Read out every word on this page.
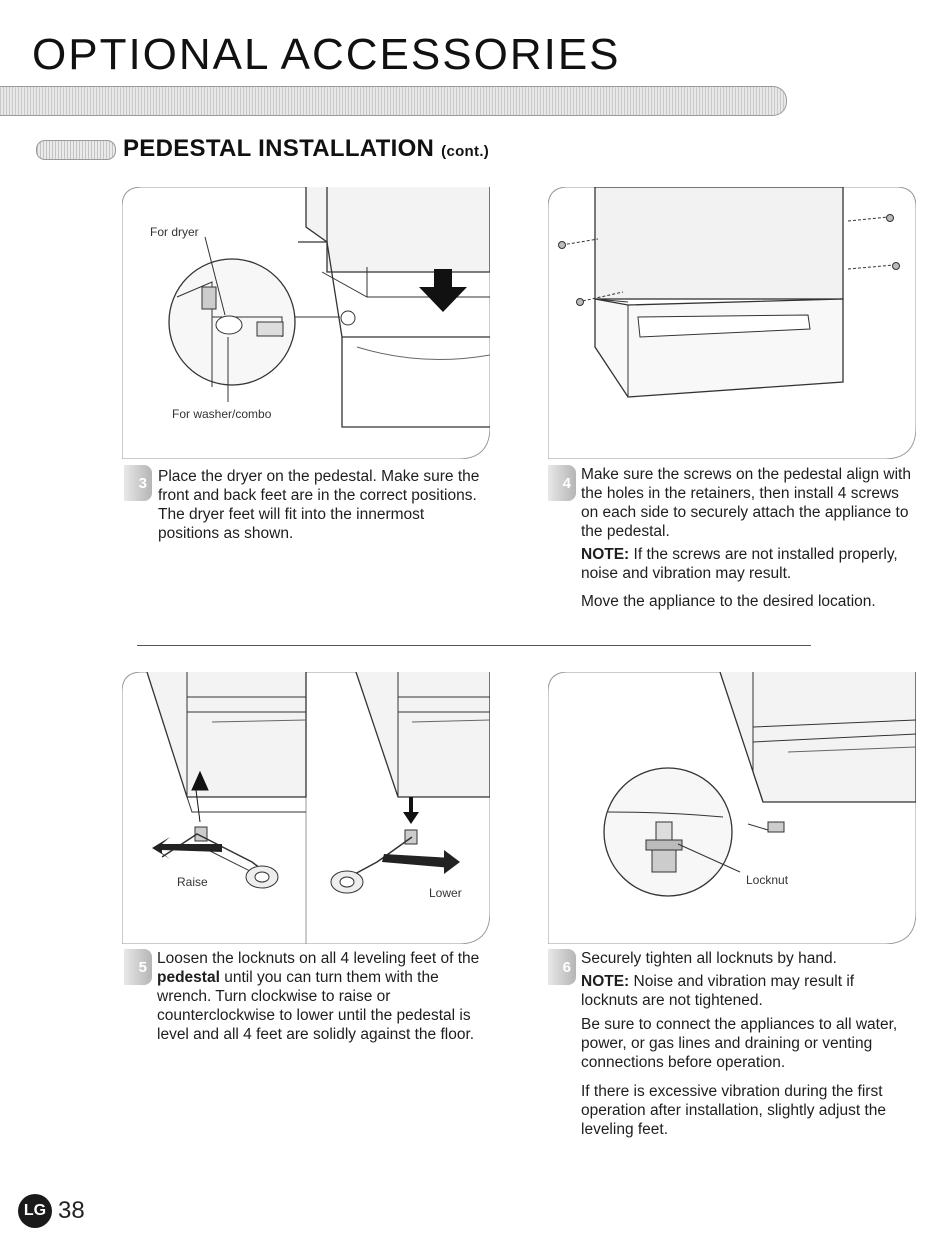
OPTIONAL ACCESSORIES
PEDESTAL INSTALLATION (cont.)
For dryer
For washer/combo
3 Place the dryer on the pedestal. Make sure the front and back feet are in the correct positions. The dryer feet will fit into the innermost positions as shown.

4 Make sure the screws on the pedestal align with the holes in the retainers, then install 4 screws on each side to securely attach the appliance to the pedestal.

NOTE: If the screws are not installed properly, noise and vibration may result.

Move the appliance to the desired location.

Raise
Lower
Locknut
5 Loosen the locknuts on all 4 leveling feet of the pedestal until you can turn them with the wrench. Turn clockwise to raise or counterclockwise to lower until the pedestal is level and all 4 feet are solidly against the floor.

6 Securely tighten all locknuts by hand.

NOTE: Noise and vibration may result if locknuts are not tightened.

Be sure to connect the appliances to all water, power, or gas lines and draining or venting connections before operation.

If there is excessive vibration during the first operation after installation, slightly adjust the leveling feet.

LG 38
